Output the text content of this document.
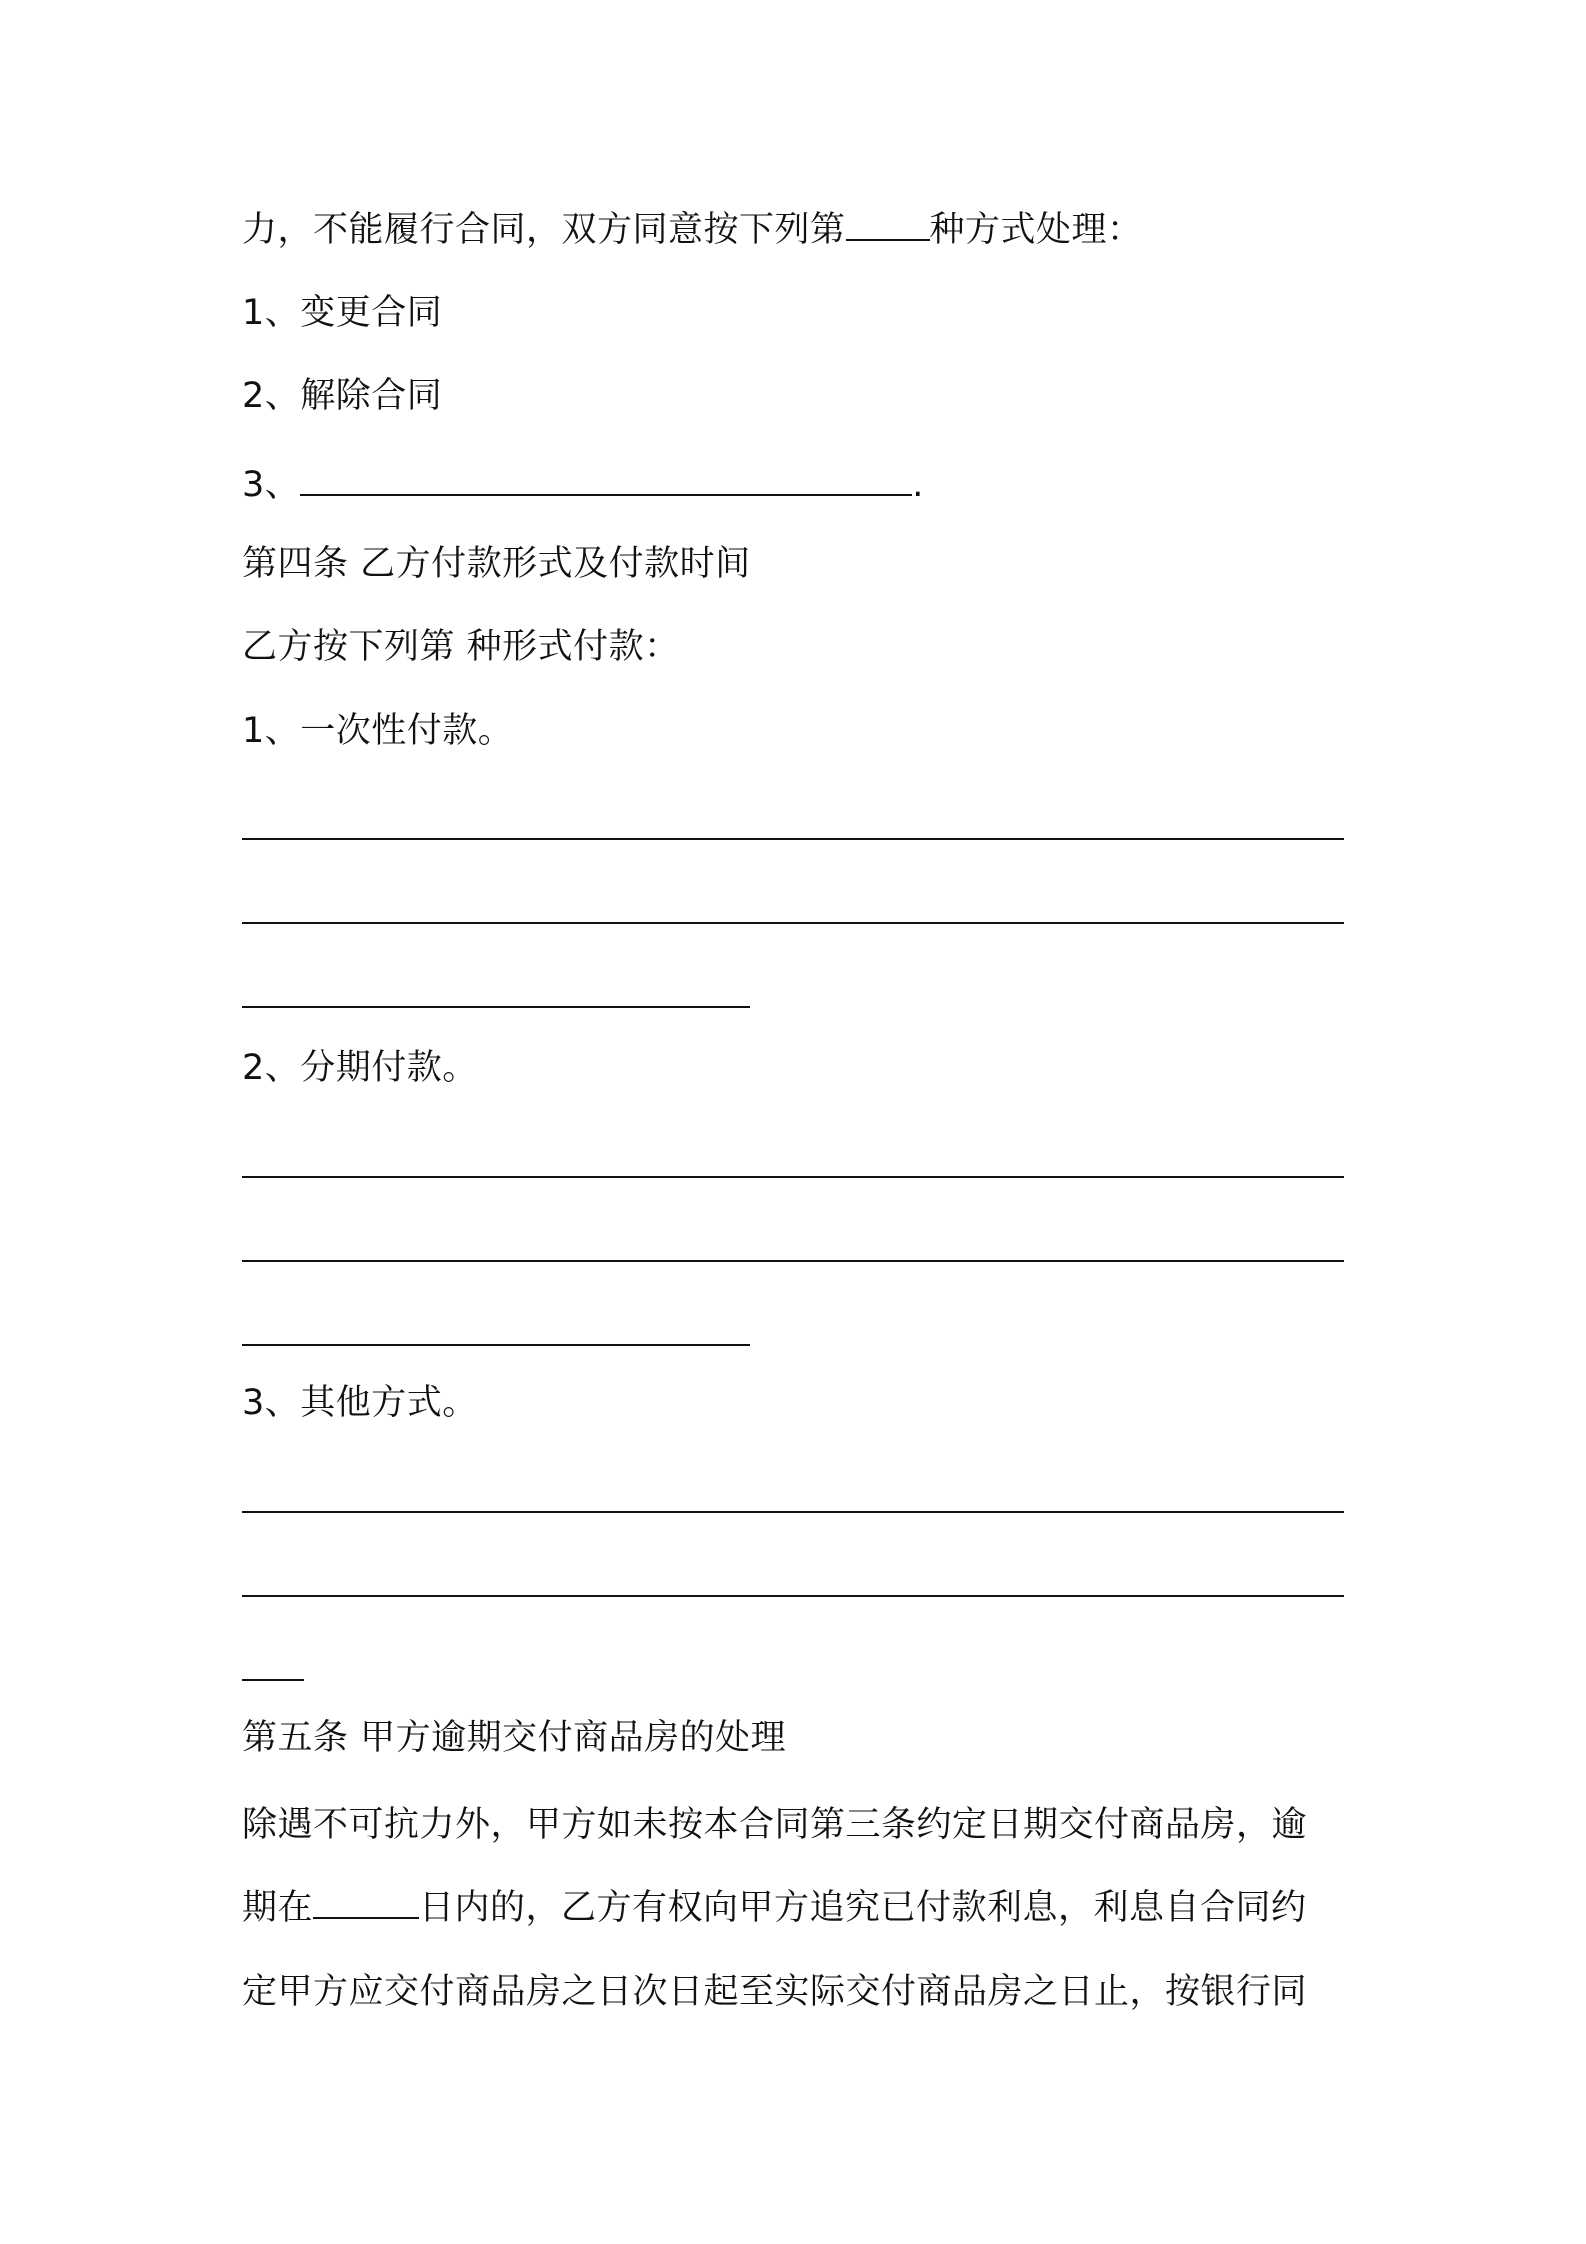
力，不能履行合同，双方同意按下列第 种方式处理：
1、变更合同
2、解除合同
3、	.
第四条 乙方付款形式及付款时间
乙方按下列第 种形式付款：
1、一次性付款。
2、分期付款。
3、其他方式。
第五条 甲方逾期交付商品房的处理
除遇不可抗力外，甲方如未按本合同第三条约定日期交付商品房，逾
期在	日内的，乙方有权向甲方追究已付款利息，利息自合同约
定甲方应交付商品房之日次日起至实际交付商品房之日止，按银行同
